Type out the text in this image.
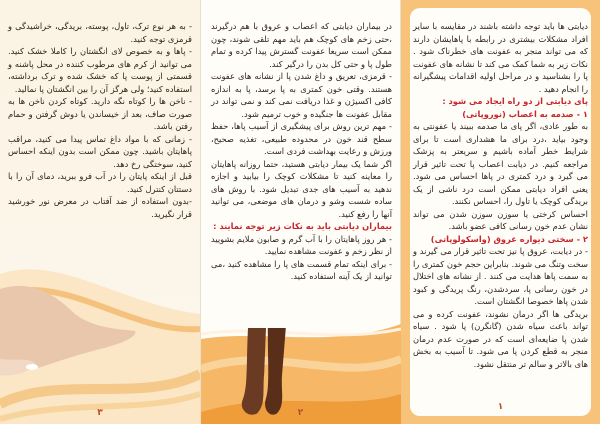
دیابتی ها باید توجه داشته باشند در مقایسه با سایر افراد مشکلات بیشتری در رابطه با پاهایشان دارند که می تواند منجر به عفونت های خطرناک شود . نکات زیر به شما کمک می کند تا نشانه های عفونت پا را بشناسید و در مراحل اولیه اقدامات پیشگیرانه را انجام دهید .

پای دیابتی از دو راه ایجاد می شود :

۱ - صدمه به اعصاب (نوروپاتی)

به طور عادی، اگر پای ما صدمه ببیند یا عفونتی به وجود بیاید ،درد برای ما هشداری است تا برای شرایط خطر آماده باشیم و سریعتر به پزشک مراجعه کنیم. در دیابت اعصاب پا تحت تاثیر قرار می گیرد و درد کمتری در پاها احساس می شود. یعنی افراد دیابتی ممکن است درد ناشی از یک بریدگی کوچک یا تاول را، احساس نکنند.

احساس کرختی یا سوزن سوزن شدن می تواند نشان عدم خون رسانی کافی عضو باشد.

۲ - سختی دیواره عروق (واسکولوپاتی)

- در دیابت، عروق پا نیز تحت تاثیر قرار می گیرند و سخت وتنگ می شوند. بنابراین حجم خون کمتری را به سمت پاها هدایت می کنند . از نشانه های اختلال در خون رسانی پا، سردشدن، رنگ پریدگی و کبود شدن پاها خصوصا انگشتان است.

بریدگی ها اگر درمان نشوند، عفونت کرده و می تواند باعث سیاه شدن (گانگرن) پا شود . سیاه شدن پا ضایعه‌ای است که در صورت عدم درمان منجر به قطع کردن پا می شود. تا آسیب به بخش های بالاتر و سالم تر منتقل نشود.

۱

در بیماران دیابتی که اعصاب و عروق با هم درگیرند ،حتی زخم های کوچک هم باید مهم تلقی شوند، چون ممکن است سریعا عفونت گسترش پیدا کرده و تمام طول پا و حتی کل بدن را درگیر کند.

- قرمزی، تعریق و داغ شدن پا از نشانه های عفونت هستند. وقتی خون کمتری به پا برسد، پا به اندازه کافی اکسیژن و غذا دریافت نمی کند و نمی تواند در مقابل عفونت ها جنگیده و خوب ترمیم شود.

- مهم ترین روش برای پیشگیری از آسیب پاها، حفظ سطح قند خون در محدوده طبیعی، تغذیه صحیح، ورزش و رعایت بهداشت فردی است.

اگر شما یک بیمار دیابتی هستید، حتما روزانه پاهایتان را معاینه کنید تا مشکلات کوچک را بیابید و اجازه ندهید به آسیب های جدی تبدیل شود. با روش های ساده شست وشو و درمان های موضعی، می توانید آنها را رفع کنید.

بیماران دیابتی باید به نکات زیر توجه نمایند :

- هر روز پاهایتان را با آب گرم و صابون ملایم بشویید از نظر زخم و عفونت مشاهده نمایید.

- برای اینکه تمام قسمت های پا را مشاهده کنید ،می توانید از یک آینه استفاده کنید.

۲

- به هر نوع ترک، تاول، پوسته، بریدگی، خراشیدگی و قرمزی توجه کنید.

- پاها و به خصوص لای انگشتان را کاملا خشک کنید. می توانید از کرم های مرطوب کننده در محل پاشنه و قسمتی از پوست پا که خشک شده و ترک برداشته، استفاده کنید؛ ولی هرگز آن را بین انگشتان پا نمالید.

- ناخن ها را کوتاه نگه دارید. کوتاه کردن ناخن ها به صورت صاف، بعد از خیساندن یا دوش گرفتن و حمام رفتن باشد.

- زمانی که با مواد داغ تماس پیدا می کنید، مراقب پاهایتان باشید. چون ممکن است بدون اینکه احساس کنید، سوختگی رخ دهد.

قبل از اینکه پایتان را در آب فرو ببرید، دمای آن را با دستتان کنترل کنید.

-بدون استفاده از ضد آفتاب در معرض نور خورشید قرار نگیرید.

۳
